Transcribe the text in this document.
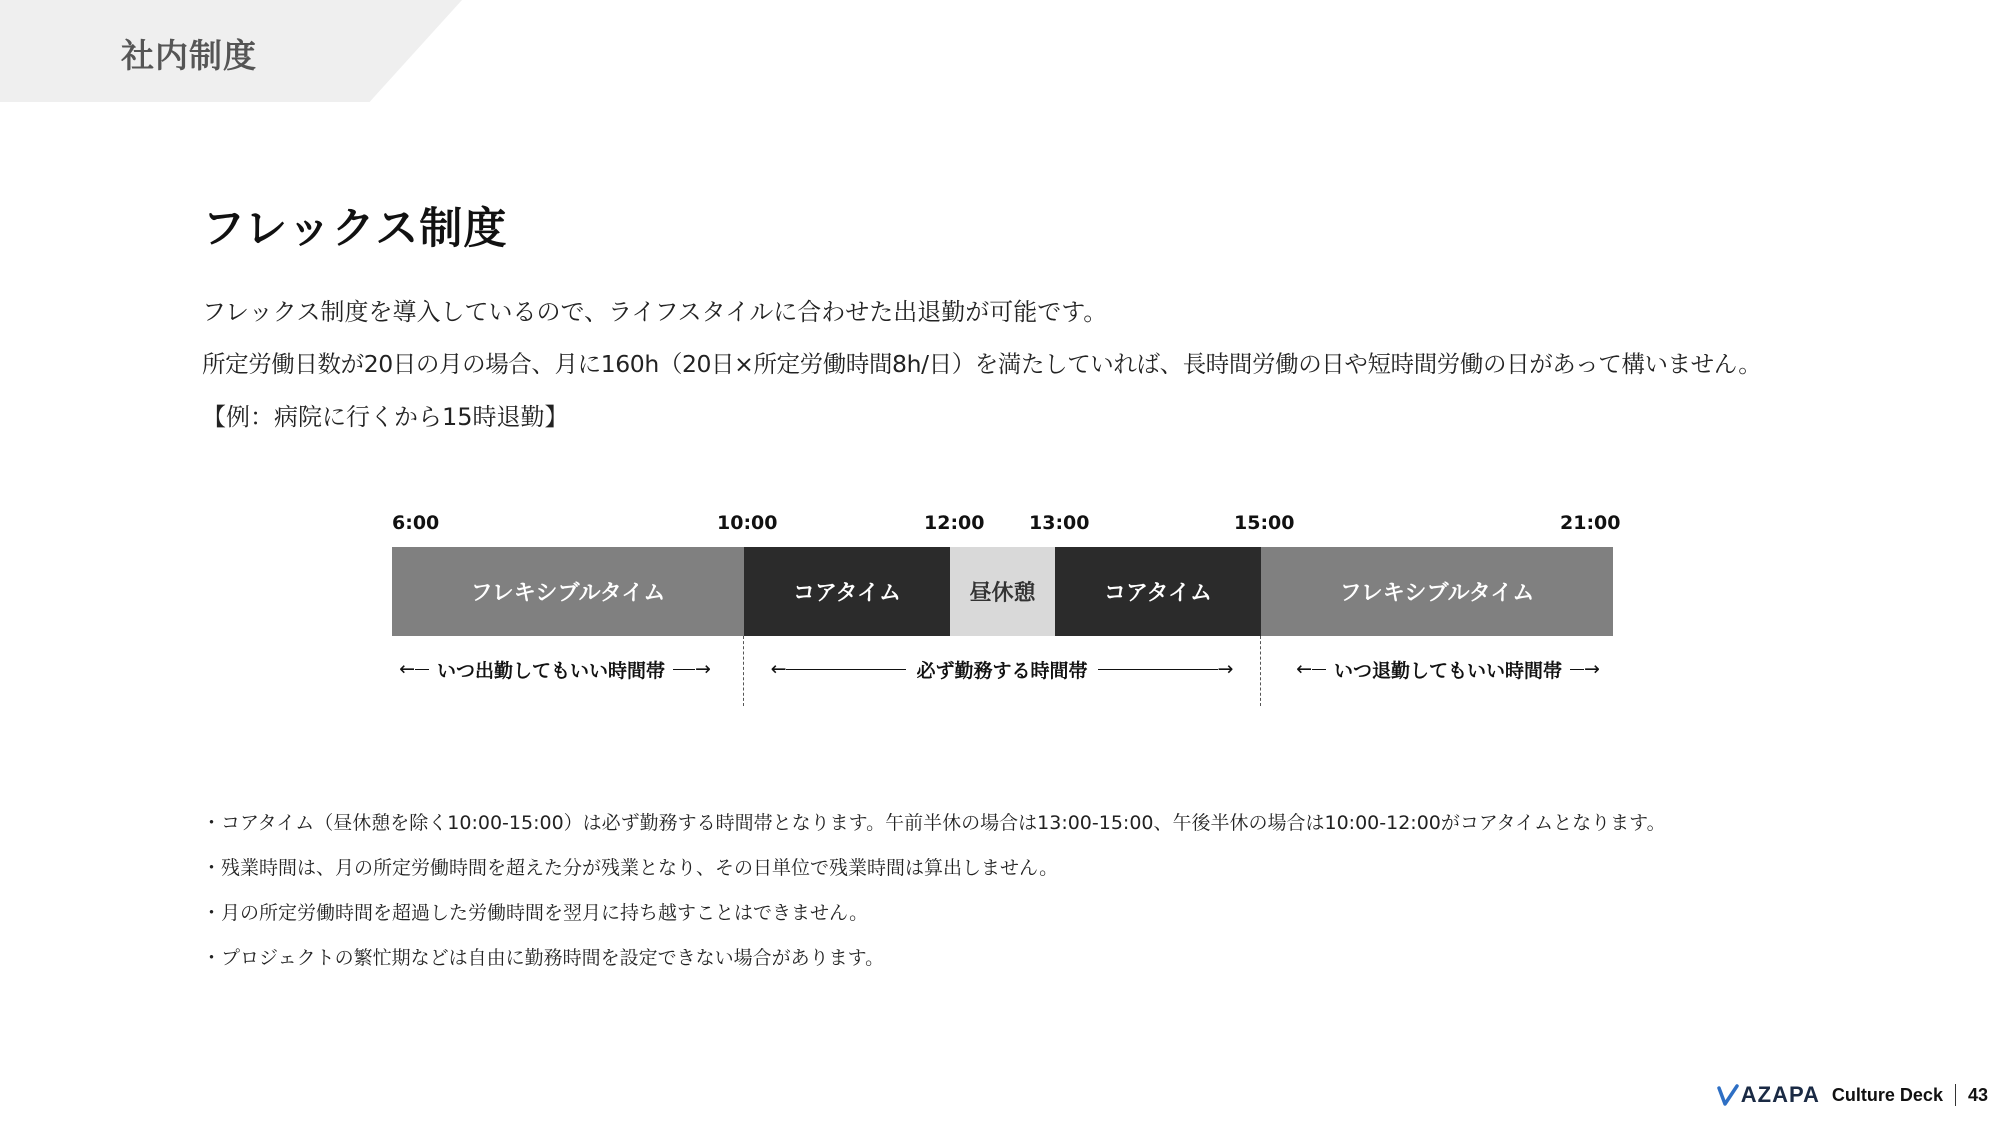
社内制度
フレックス制度

フレックス制度を導入しているので、ライフスタイルに合わせた出退勤が可能です。

所定労働日数が20日の月の場合、月に160h（20日×所定労働時間8h/日）を満たしていれば、長時間労働の日や短時間労働の日があって構いません。

【例：病院に行くから15時退勤】

6:00	10:00	12:00 13:00	15:00	21:00
フレキシブルタイム	コアタイム	昼休憩	コアタイム	フレキシブルタイム
← いつ出勤してもいい時間帯 →	←	必ず勤務する時間帯	→	← いつ退勤してもいい時間帯 →
・コアタイム（昼休憩を除く10:00-15:00）は必ず勤務する時間帯となります。午前半休の場合は13:00-15:00、午後半休の場合は10:00-12:00がコアタイムとなります。
・残業時間は、月の所定労働時間を超えた分が残業となり、その日単位で残業時間は算出しません。
・月の所定労働時間を超過した労働時間を翌月に持ち越すことはできません。
・プロジェクトの繁忙期などは自由に勤務時間を設定できない場合があります。
AZAPA Culture Deck 43
